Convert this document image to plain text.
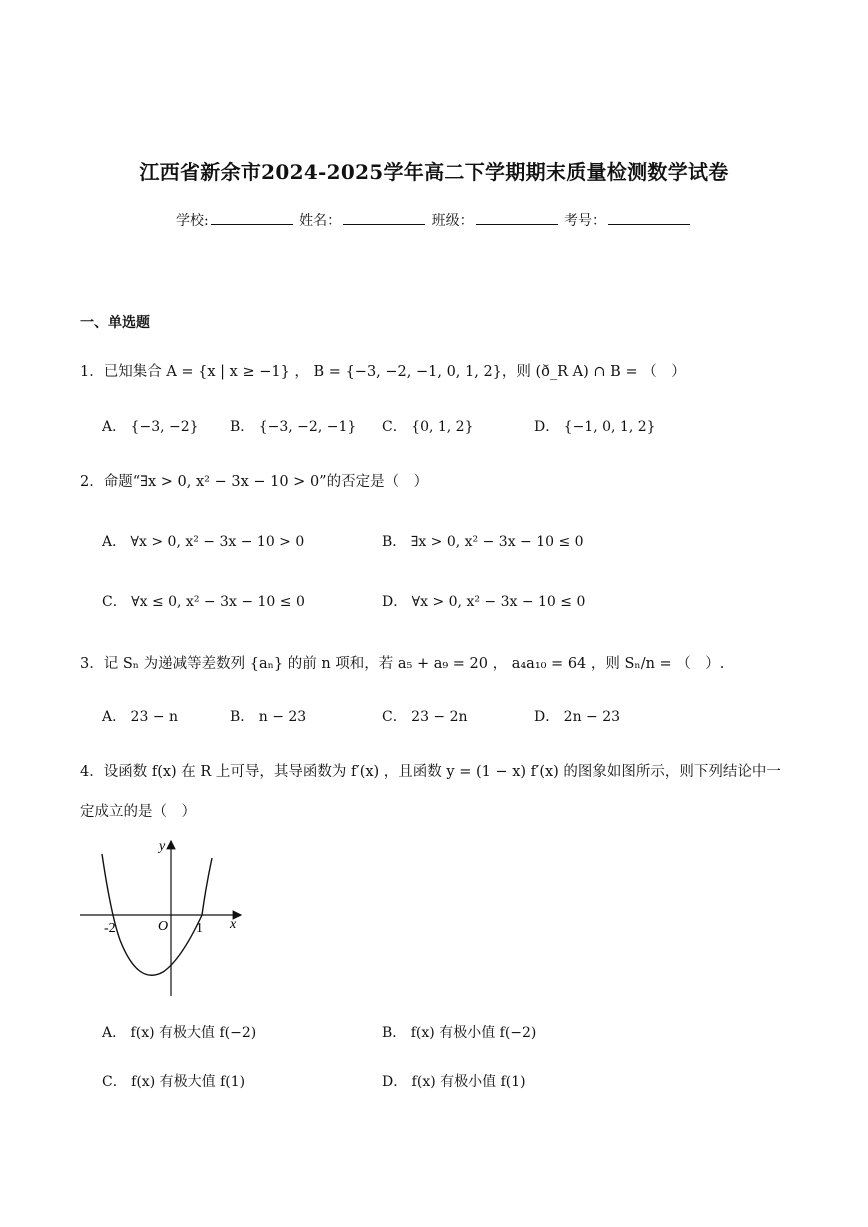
江西省新余市2024-2025学年高二下学期期末质量检测数学试卷
学校:	姓名：	班级：	考号：
一、单选题
1．已知集合 A = {x | x ≥ −1} ， B = {−3, −2, −1, 0, 1, 2}，则 (ð_R A) ∩ B = （　）
A． {−3, −2} B． {−3, −2, −1} C． {0, 1, 2}	D． {−1, 0, 1, 2}
2．命题“∃x > 0, x² − 3x − 10 > 0”的否定是（　）
A． ∀x > 0, x² − 3x − 10 > 0	B． ∃x > 0, x² − 3x − 10 ≤ 0
C． ∀x ≤ 0, x² − 3x − 10 ≤ 0	D． ∀x > 0, x² − 3x − 10 ≤ 0
3．记 Sₙ 为递减等差数列 {aₙ} 的前 n 项和，若 a₅ + a₉ = 20 ， a₄a₁₀ = 64 ，则 Sₙ/n = （　）.
A． 23 − n	B． n − 23	C． 23 − 2n	D． 2n − 23
4．设函数 f(x) 在 R 上可导，其导函数为 f′(x) ，且函数 y = (1 − x) f′(x) 的图象如图所示，则下列结论中一
定成立的是（　）
x
y
O
-2	1
A． f(x) 有极大值 f(−2)	B． f(x) 有极小值 f(−2)
C． f(x) 有极大值 f(1)	D． f(x) 有极小值 f(1)
